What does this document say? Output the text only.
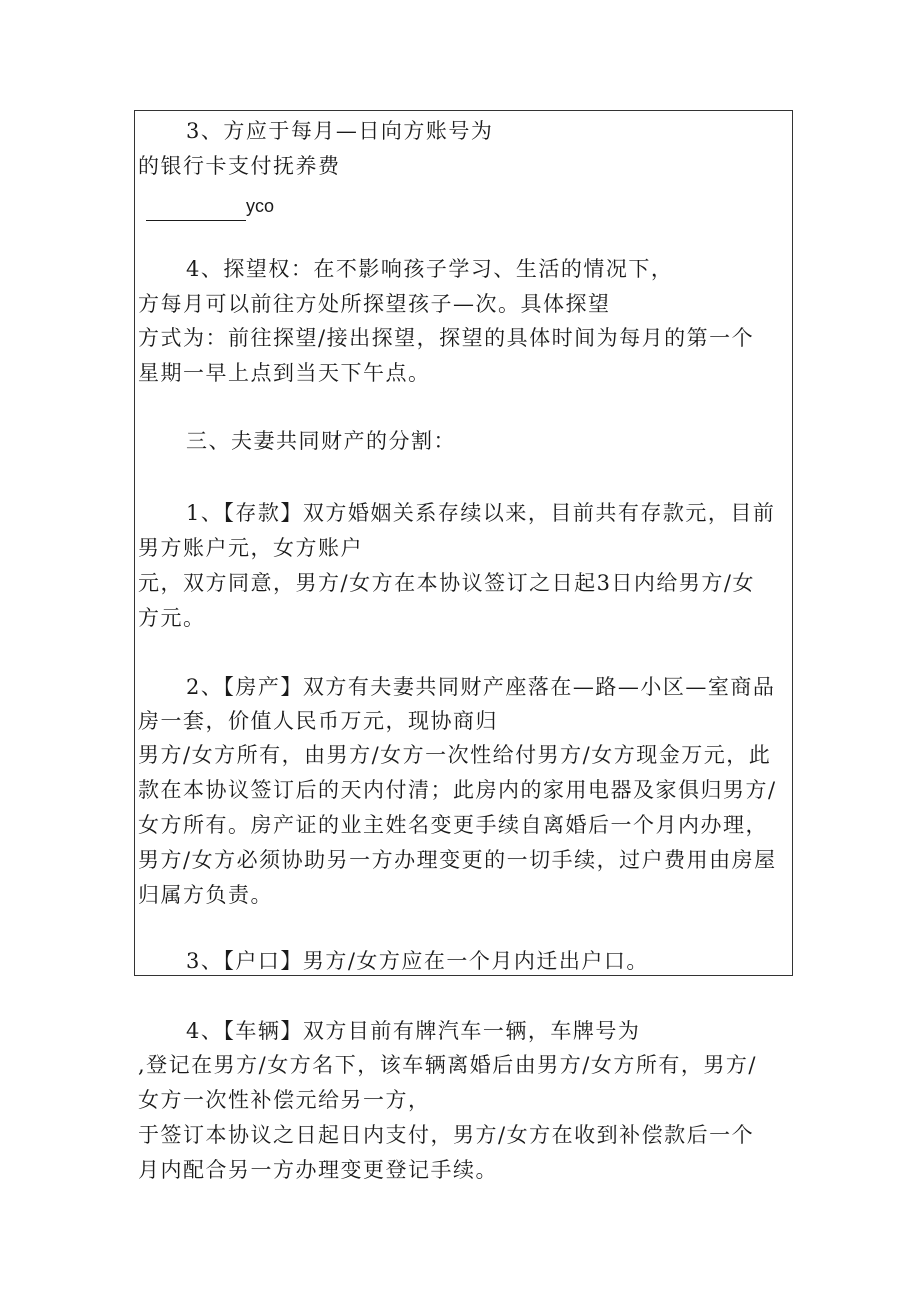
3、方应于每月—日向方账号为

的银行卡支付抚养费

yco

4、探望权：在不影响孩子学习、生活的情况下，

方每月可以前往方处所探望孩子—次。具体探望

方式为：前往探望/接出探望，探望的具体时间为每月的第一个

星期一早上点到当天下午点。

三、夫妻共同财产的分割：

1、【存款】双方婚姻关系存续以来，目前共有存款元，目前

男方账户元，女方账户

元，双方同意，男方/女方在本协议签订之日起3日内给男方/女

方元。

2、【房产】双方有夫妻共同财产座落在—路—小区—室商品

房一套，价值人民币万元，现协商归

男方/女方所有，由男方/女方一次性给付男方/女方现金万元，此

款在本协议签订后的天内付清；此房内的家用电器及家俱归男方/

女方所有。房产证的业主姓名变更手续自离婚后一个月内办理，

男方/女方必须协助另一方办理变更的一切手续，过户费用由房屋

归属方负责。

3、【户口】男方/女方应在一个月内迁出户口。

4、【车辆】双方目前有牌汽车一辆，车牌号为

,登记在男方/女方名下，该车辆离婚后由男方/女方所有，男方/

女方一次性补偿元给另一方，

于签订本协议之日起日内支付，男方/女方在收到补偿款后一个

月内配合另一方办理变更登记手续。
